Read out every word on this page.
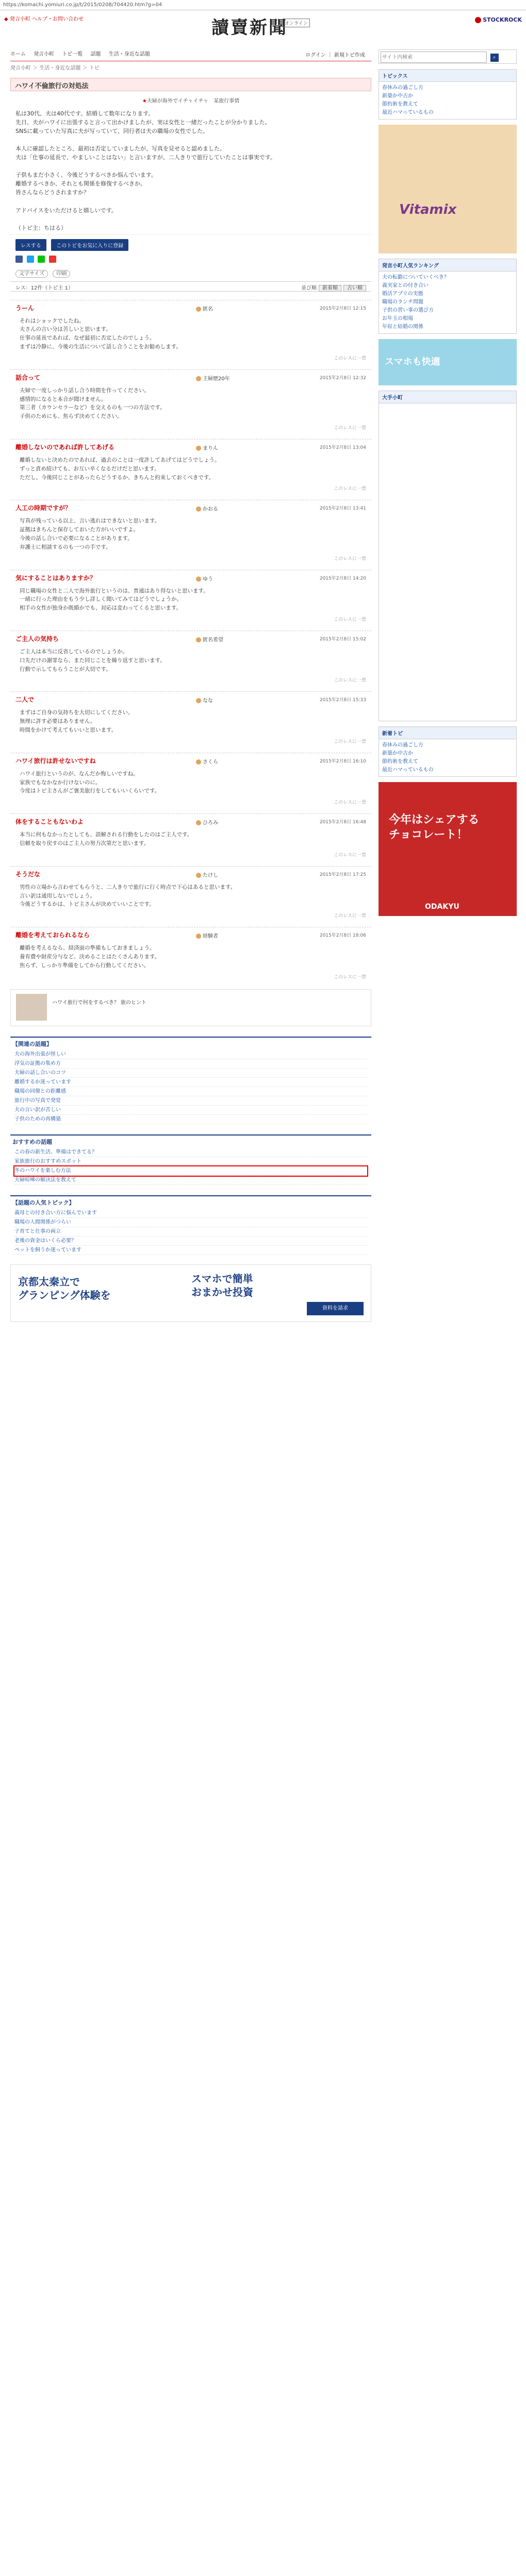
https://komachi.yomiuri.co.jp/t/2015/0208/704420.htm?g=04
◆ 発言小町 ヘルプ・お問い合わせ	讀賣新聞
オンライン
STOCKROCK
ホーム 発言小町 トピ一覧 話題 生活・身近な話題	ログイン ｜ 新規トピ作成
発言小町 ＞ 生活・身近な話題 ＞ トピ
ハワイ不倫旅行の対処法
★夫婦が海外でイチャイチャ　某旅行事情
私は30代、夫は40代です。結婚して数年になります。
先日、夫がハワイに出張すると言って出かけましたが、実は女性と一緒だったことが分かりました。
SNSに載っていた写真に夫が写っていて、同行者は夫の職場の女性でした。

本人に確認したところ、最初は否定していましたが、写真を見せると認めました。
夫は「仕事の延長で、やましいことはない」と言いますが、二人きりで旅行していたことは事実です。

子供もまだ小さく、今後どうするべきか悩んでいます。
離婚するべきか、それとも関係を修復するべきか。
皆さんならどうされますか？

アドバイスをいただけると嬉しいです。

（トピ主：ちはる）
レスする	このトピをお気に入りに登録

文字サイズ 印刷
レス：12件（トピ主 1）	並び順 新着順 古い順
うーん	匿名	2015年2月8日 12:15
それはショックでしたね。
夫さんの言い分は苦しいと思います。
仕事の延長であれば、なぜ最初に否定したのでしょう。
まずは冷静に、今後の生活について話し合うことをお勧めします。
このレスに一票
話合って	主婦歴20年	2015年2月8日 12:32
夫婦で一度しっかり話し合う時間を作ってください。
感情的になると本音が聞けません。
第三者（カウンセラーなど）を交えるのも一つの方法です。
子供のためにも、焦らず決めてください。
このレスに一票
離婚しないのであれば許してあげる	まりん	2015年2月8日 13:04
離婚しないと決めたのであれば、過去のことは一度許してあげてはどうでしょう。
ずっと責め続けても、お互い辛くなるだけだと思います。
ただし、今後同じことがあったらどうするか、きちんと約束しておくべきです。
このレスに一票
人工の時期ですが？	かおる	2015年2月8日 13:41
写真が残っている以上、言い逃れはできないと思います。
証拠はきちんと保存しておいた方がいいですよ。
今後の話し合いで必要になることがあります。
弁護士に相談するのも一つの手です。
このレスに一票
気にすることはありますか？	ゆう	2015年2月8日 14:20
同じ職場の女性と二人で海外旅行というのは、普通はあり得ないと思います。
一緒に行った理由をもう少し詳しく聞いてみてはどうでしょうか。
相手の女性が独身か既婚かでも、対応は変わってくると思います。
このレスに一票
ご主人の気持ち	匿名希望	2015年2月8日 15:02
ご主人は本当に反省しているのでしょうか。
口先だけの謝罪なら、また同じことを繰り返すと思います。
行動で示してもらうことが大切です。
このレスに一票
二人で	なな	2015年2月8日 15:33
まずはご自身の気持ちを大切にしてください。
無理に許す必要はありません。
時間をかけて考えてもいいと思います。
このレスに一票
ハワイ旅行は許せないですね	さくら	2015年2月8日 16:10
ハワイ旅行というのが、なんだか悔しいですね。
家族でもなかなか行けないのに。
今度はトピ主さんがご褒美旅行をしてもいいくらいです。
このレスに一票
体をすることもないわよ	ひろみ	2015年2月8日 16:48
本当に何もなかったとしても、誤解される行動をしたのはご主人です。
信頼を取り戻すのはご主人の努力次第だと思います。
このレスに一票
そうだな	たけし	2015年2月8日 17:25
男性の立場から言わせてもらうと、二人きりで旅行に行く時点で下心はあると思います。
言い訳は通用しないでしょう。
今後どうするかは、トピ主さんが決めていいことです。
このレスに一票
離婚を考えておられるなら	経験者	2015年2月8日 18:06
離婚を考えるなら、経済面の準備もしておきましょう。
養育費や財産分与など、決めることはたくさんあります。
焦らず、しっかり準備をしてから行動してください。
このレスに一票
ハワイ旅行で何をするべき？ 旅のヒント
【関連の話題】
夫の海外出張が怪しい
浮気の証拠の集め方
夫婦の話し合いのコツ
離婚するか迷っています
職場の同僚との距離感
旅行中の写真で発覚
夫の言い訳が苦しい
子供のための再構築
おすすめの話題
この春の新生活、準備はできてる？
家族旅行のおすすめスポット
冬のハワイを楽しむ方法
夫婦喧嘩の解決法を教えて
【話題の人気トピック】
義母との付き合い方に悩んでいます
職場の人間関係がつらい
子育てと仕事の両立
老後の資金はいくら必要？
ペットを飼うか迷っています
京都太秦立で
グランピング体験を
スマホで簡単
おまかせ投資
資料を請求
サイト内検索 ⌕
トピックス
春休みの過ごし方
新築か中古か
節約術を教えて
最近ハマっているもの
Vitamix
発言小町人気ランキング
夫の転勤についていくべき？
義実家との付き合い
婚活アプリの実態
職場のランチ問題
子供の習い事の選び方
お年玉の相場
年収と結婚の関係
スマホも快適
大手小町
新着トピ
春休みの過ごし方
新築か中古か
節約術を教えて
最近ハマっているもの
今年はシェアする
チョコレート！
ODAKYU
